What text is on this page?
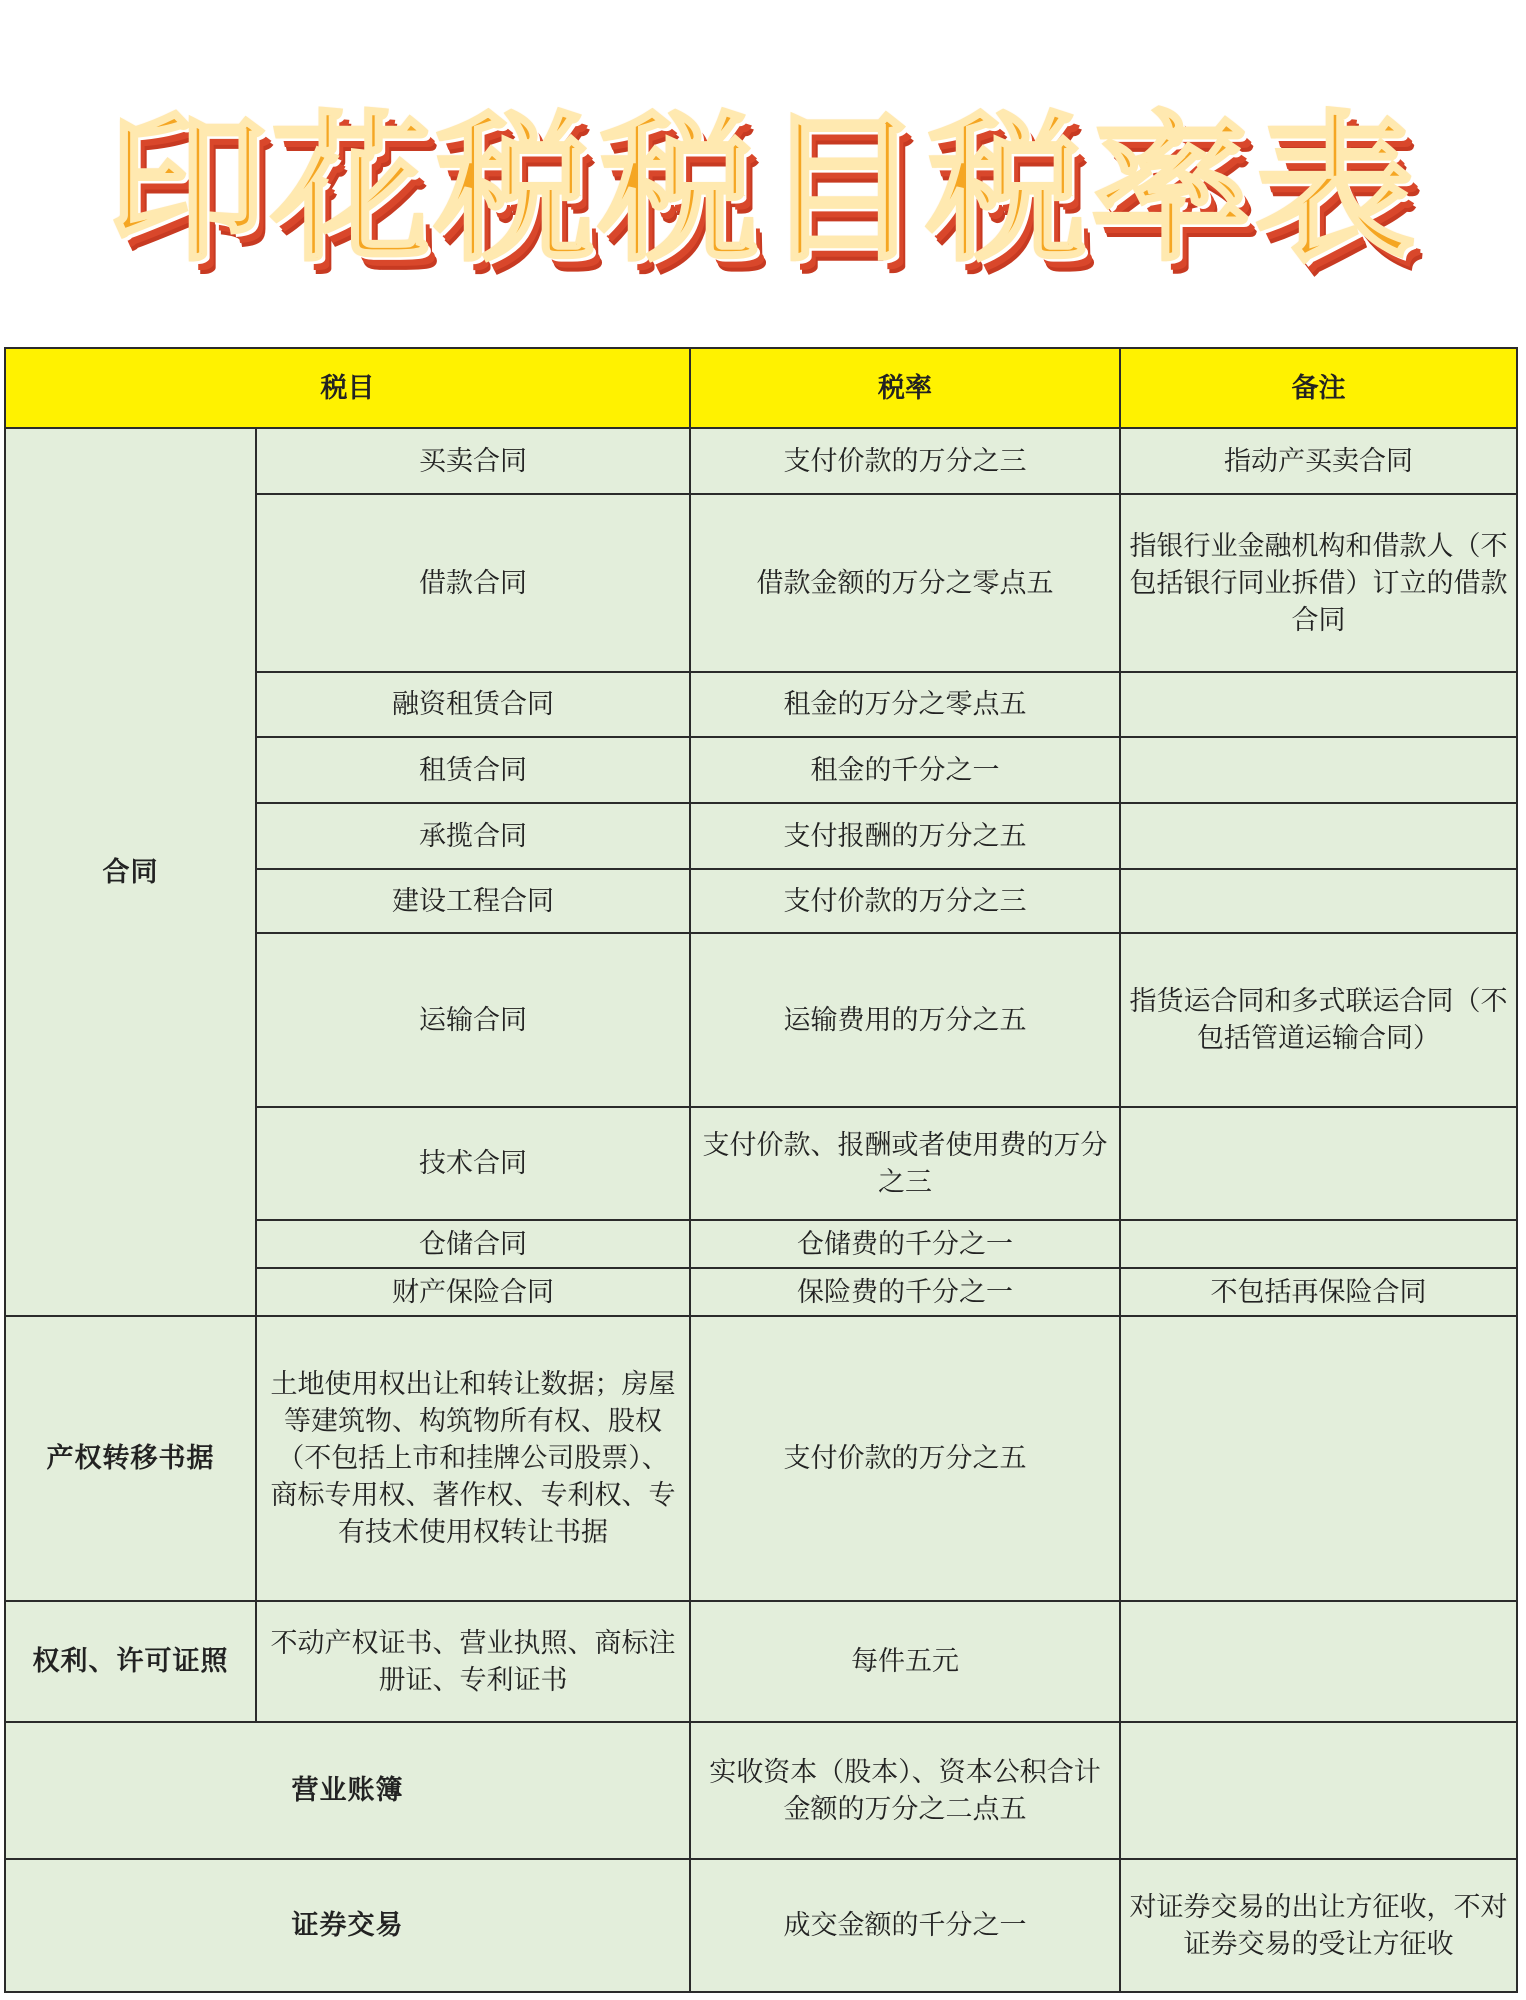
印花税税目税率表
税目		税率	备注
合同	买卖合同	支付价款的万分之三	指动产买卖合同
	借款合同	借款金额的万分之零点五	指银行业金融机构和借款人（不包括银行同业拆借）订立的借款合同
	融资租赁合同	租金的万分之零点五	
	租赁合同	租金的千分之一	
	承揽合同	支付报酬的万分之五	
	建设工程合同	支付价款的万分之三	
	运输合同	运输费用的万分之五	指货运合同和多式联运合同（不包括管道运输合同）
	技术合同	支付价款、报酬或者使用费的万分之三	
	仓储合同	仓储费的千分之一	
	财产保险合同	保险费的千分之一	不包括再保险合同
产权转移书据	土地使用权出让和转让数据；房屋等建筑物、构筑物所有权、股权（不包括上市和挂牌公司股票）、商标专用权、著作权、专利权、专有技术使用权转让书据	支付价款的万分之五	
权利、许可证照	不动产权证书、营业执照、商标注册证、专利证书	每件五元	
营业账簿		实收资本（股本）、资本公积合计金额的万分之二点五	
证券交易		成交金额的千分之一	对证券交易的出让方征收，不对证券交易的受让方征收
